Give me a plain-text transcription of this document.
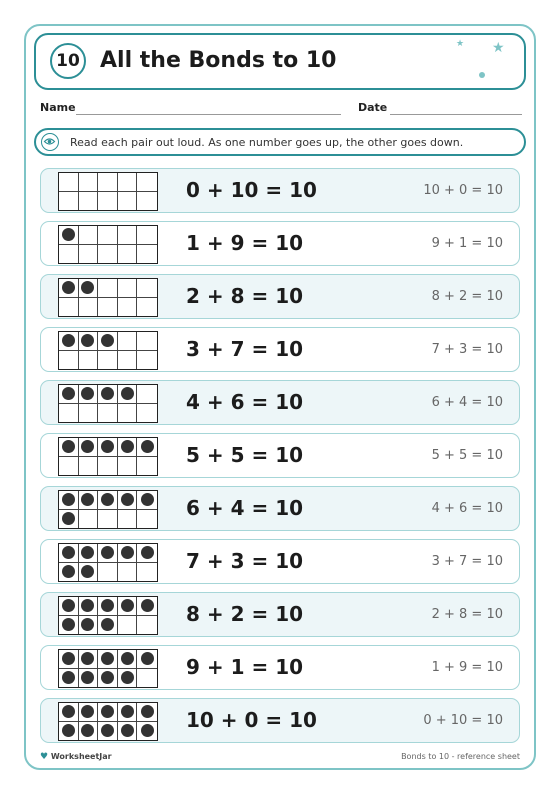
10 All the Bonds to 10
★ ★
Name	Date
Read each pair out loud. As one number goes up, the other goes down.
0 + 10 = 10	10 + 0 = 10
1 + 9 = 10	9 + 1 = 10
2 + 8 = 10	8 + 2 = 10
3 + 7 = 10	7 + 3 = 10
4 + 6 = 10	6 + 4 = 10
5 + 5 = 10	5 + 5 = 10
6 + 4 = 10	4 + 6 = 10
7 + 3 = 10	3 + 7 = 10
8 + 2 = 10	2 + 8 = 10
9 + 1 = 10	1 + 9 = 10
10 + 0 = 10	0 + 10 = 10
♥ WorksheetJar	Bonds to 10 - reference sheet
